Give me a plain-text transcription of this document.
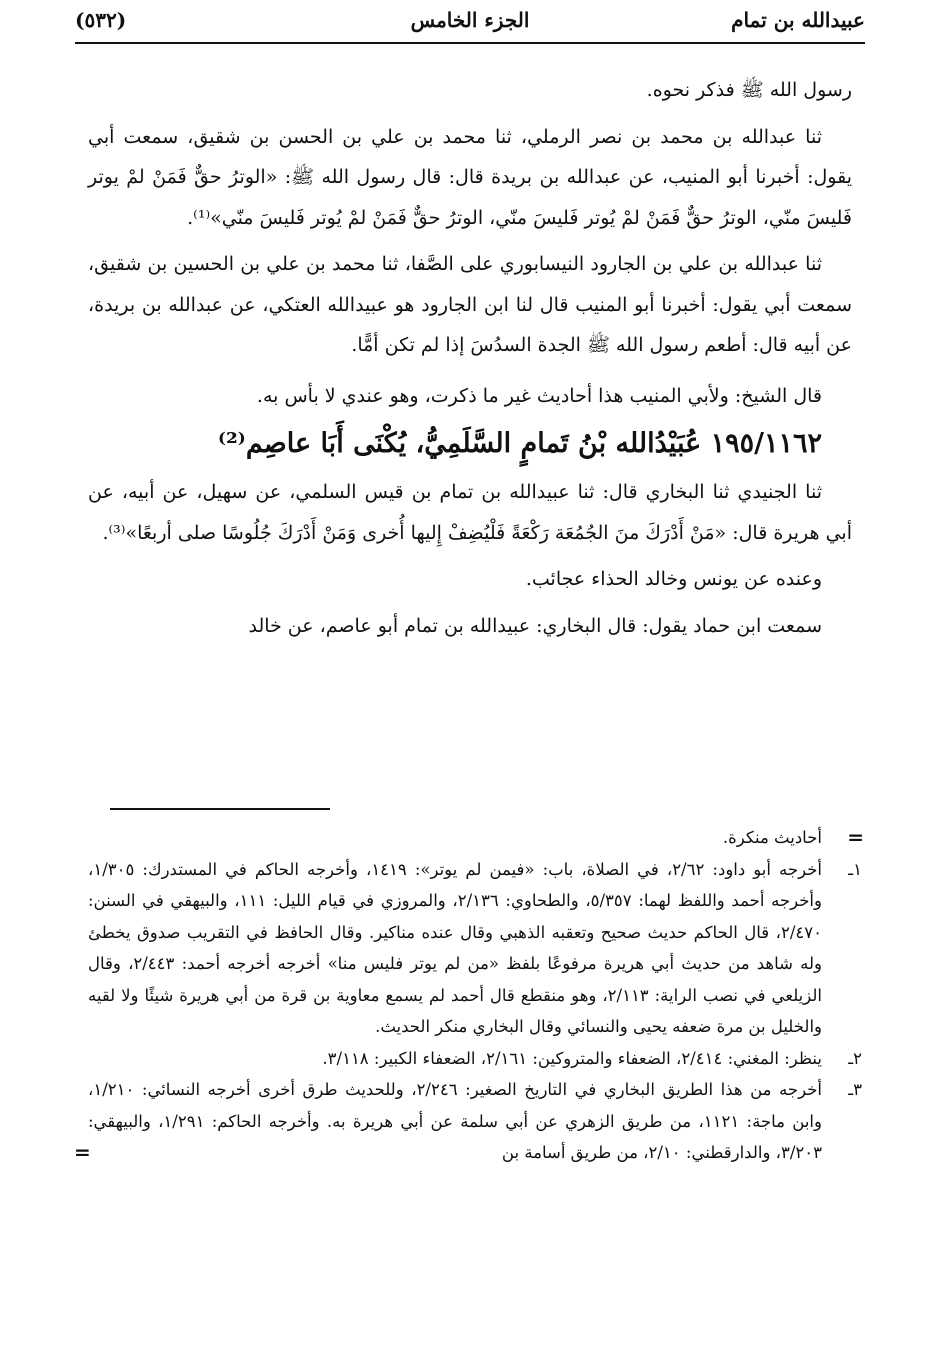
عبيدالله بن تمام
الجزء الخامس
(٥٣٢)

رسول الله ﷺ فذكر نحوه.

ثنا عبدالله بن محمد بن نصر الرملي، ثنا محمد بن علي بن الحسن بن شقيق، سمعت أبي يقول: أخبرنا أبو المنيب، عن عبدالله بن بريدة قال: قال رسول الله ﷺ: «الوترُ حقٌّ فَمَنْ لمْ يوتر فَليسَ منّي، الوترُ حقٌّ فَمَنْ لمْ يُوتر فَليسَ منّي، الوترُ حقٌّ فَمَنْ لمْ يُوتر فَليسَ منّي»⁽¹⁾.

ثنا عبدالله بن علي بن الجارود النيسابوري على الصَّفا، ثنا محمد بن علي بن الحسين بن شقيق، سمعت أبي يقول: أخبرنا أبو المنيب قال لنا ابن الجارود هو عبيدالله العتكي، عن عبدالله بن بريدة، عن أبيه قال: أطعم رسول الله ﷺ الجدة السدُسَ إذا لم تكن أمًّا.

قال الشيخ: ولأبي المنيب هذا أحاديث غير ما ذكرت، وهو عندي لا بأس به.

١٩٥/١١٦٢ عُبَيْدُالله بْنُ تَمامٍ السَّلَمِيُّ، يُكْنَى أَبَا عاصِم⁽²⁾

ثنا الجنيدي ثنا البخاري قال: ثنا عبيدالله بن تمام بن قيس السلمي، عن سهيل، عن أبيه، عن أبي هريرة قال: «مَنْ أَدْرَكَ منَ الجُمُعَة رَكْعَةً فَلْيُضِفْ إِليها أُخرى وَمَنْ أَدْرَكَ جُلُوسًا صلى أربعًا»⁽³⁾.

وعنده عن يونس وخالد الحذاء عجائب.

سمعت ابن حماد يقول: قال البخاري: عبيدالله بن تمام أبو عاصم، عن خالد

=
أحاديث منكرة.

١ـ
أخرجه أبو داود: ٢/٦٢، في الصلاة، باب: «فيمن لم يوتر»: ١٤١٩، وأخرجه الحاكم في المستدرك: ١/٣٠٥، وأخرجه أحمد واللفظ لهما: ٥/٣٥٧، والطحاوي: ٢/١٣٦، والمروزي في قيام الليل: ١١١، والبيهقي في السنن: ٢/٤٧٠، قال الحاكم حديث صحيح وتعقبه الذهبي وقال عنده مناكير. وقال الحافظ في التقريب صدوق يخطئ وله شاهد من حديث أبي هريرة مرفوعًا بلفظ «من لم يوتر فليس منا» أخرجه أخرجه أحمد: ٢/٤٤٣، وقال الزيلعي في نصب الراية: ٢/١١٣، وهو منقطع قال أحمد لم يسمع معاوية بن قرة من أبي هريرة شيئًا ولا لقيه والخليل بن مرة ضعفه يحيى والنسائي وقال البخاري منكر الحديث.

٢ـ
ينظر: المغني: ٢/٤١٤، الضعفاء والمتروكين: ٢/١٦١، الضعفاء الكبير: ٣/١١٨.

٣ـ
أخرجه من هذا الطريق البخاري في التاريخ الصغير: ٢/٢٤٦، وللحديث طرق أخرى أخرجه النسائي: ١/٢١٠، وابن ماجة: ١١٢١، من طريق الزهري عن أبي سلمة عن أبي هريرة به. وأخرجه الحاكم: ١/٢٩١، والبيهقي: ٣/٢٠٣، والدارقطني: ٢/١٠، من طريق أسامة بن
=
